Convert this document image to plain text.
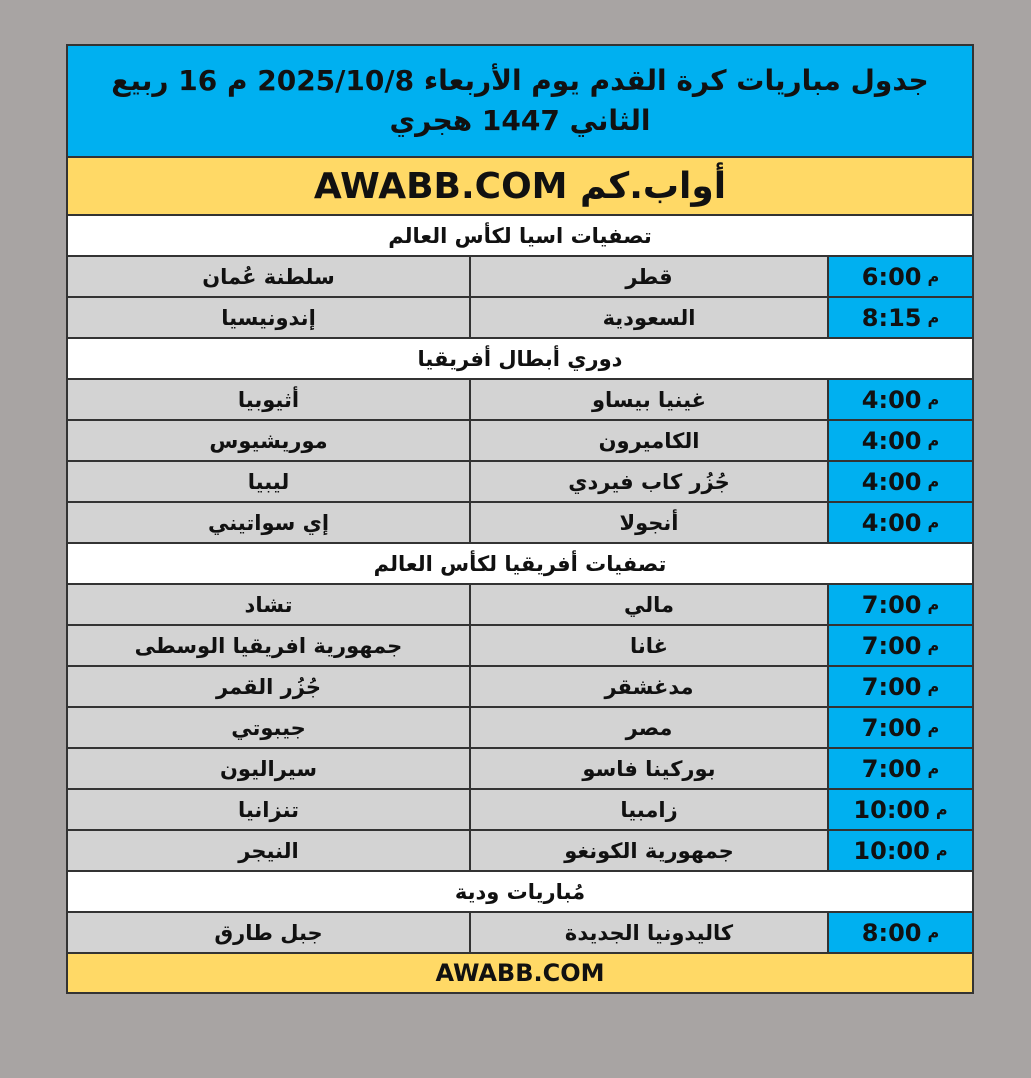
جدول مباريات كرة القدم يوم الأربعاء 2025/10/8 م 16 ربيع الثاني 1447 هجري
أواب.كم AWABB.COM
تصفيات اسيا لكأس العالم
6:00 م
قطر
سلطنة عُمان
8:15 م
السعودية
إندونيسيا
دوري أبطال أفريقيا
4:00 م
غينيا بيساو
أثيوبيا
4:00 م
الكاميرون
موريشيوس
4:00 م
جُزُر كاب فيردي
ليبيا
4:00 م
أنجولا
إي سواتيني
تصفيات أفريقيا لكأس العالم
7:00 م
مالي
تشاد
7:00 م
غانا
جمهورية افريقيا الوسطى
7:00 م
مدغشقر
جُزُر القمر
7:00 م
مصر
جيبوتي
7:00 م
بوركينا فاسو
سيراليون
10:00 م
زامبيا
تنزانيا
10:00 م
جمهورية الكونغو
النيجر
مُباريات ودية
8:00 م
كاليدونيا الجديدة
جبل طارق
AWABB.COM
